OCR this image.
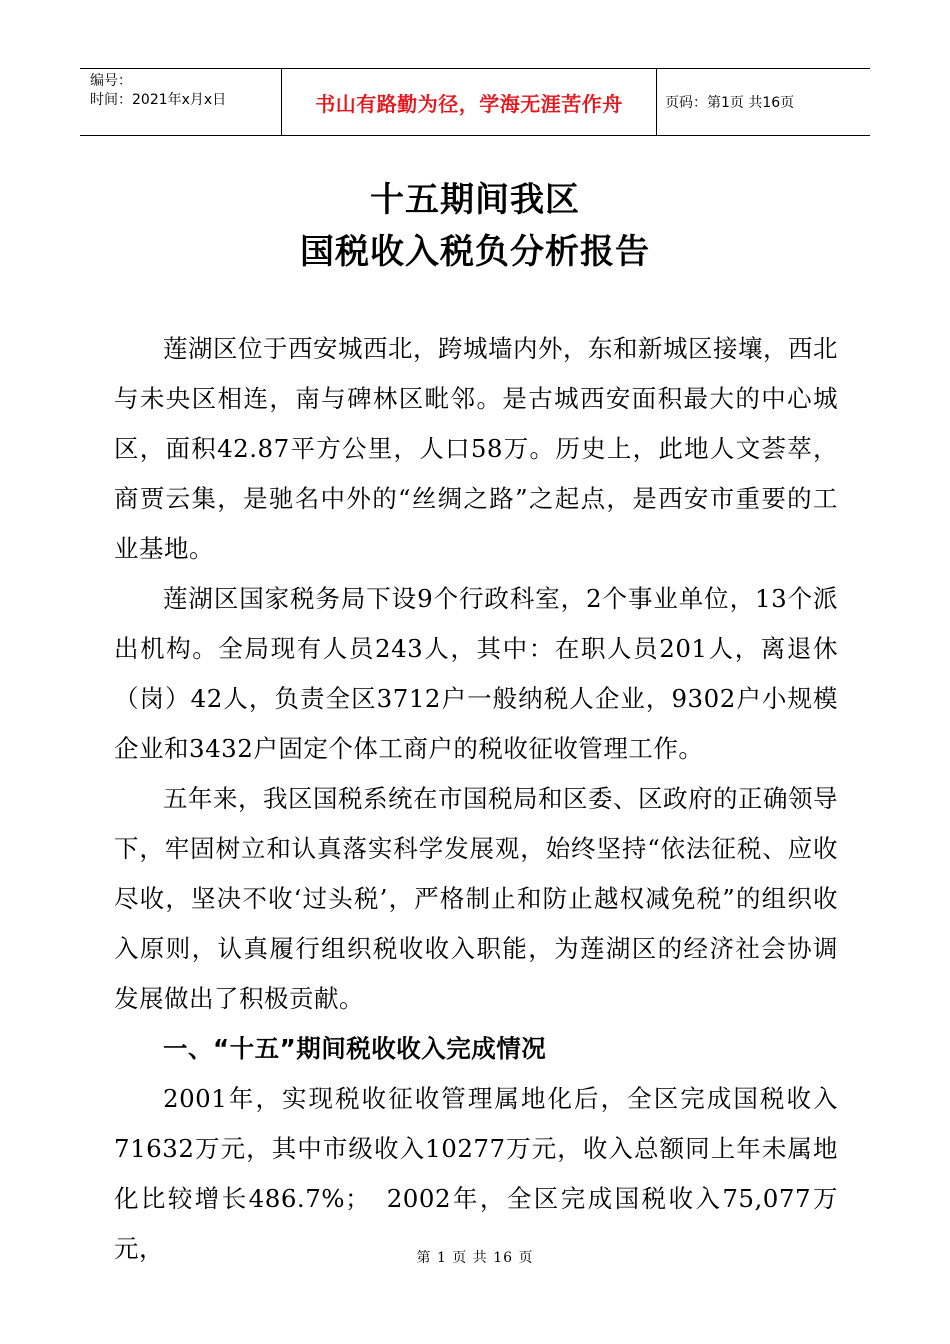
编号：
时间：2021年x月x日	书山有路勤为径，学海无涯苦作舟	页码：第1页 共16页
十五期间我区
国税收入税负分析报告

莲湖区位于西安城西北，跨城墙内外，东和新城区接壤，西北与未央区相连，南与碑林区毗邻。是古城西安面积最大的中心城区，面积42.87平方公里，人口58万。历史上，此地人文荟萃，商贾云集，是驰名中外的“丝绸之路”之起点，是西安市重要的工业基地。

莲湖区国家税务局下设9个行政科室，2个事业单位，13个派出机构。全局现有人员243人，其中：在职人员201人，离退休（岗）42人，负责全区3712户一般纳税人企业，9302户小规模企业和3432户固定个体工商户的税收征收管理工作。

五年来，我区国税系统在市国税局和区委、区政府的正确领导下，牢固树立和认真落实科学发展观，始终坚持“依法征税、应收尽收，坚决不收‘过头税’，严格制止和防止越权减免税”的组织收入原则，认真履行组织税收收入职能，为莲湖区的经济社会协调发展做出了积极贡献。

一、“十五”期间税收收入完成情况

2001年，实现税收征收管理属地化后，全区完成国税收入71632万元，其中市级收入10277万元，收入总额同上年未属地化比较增长486.7%；　2002年，全区完成国税收入75,077万元，	第 1 页 共 16 页
